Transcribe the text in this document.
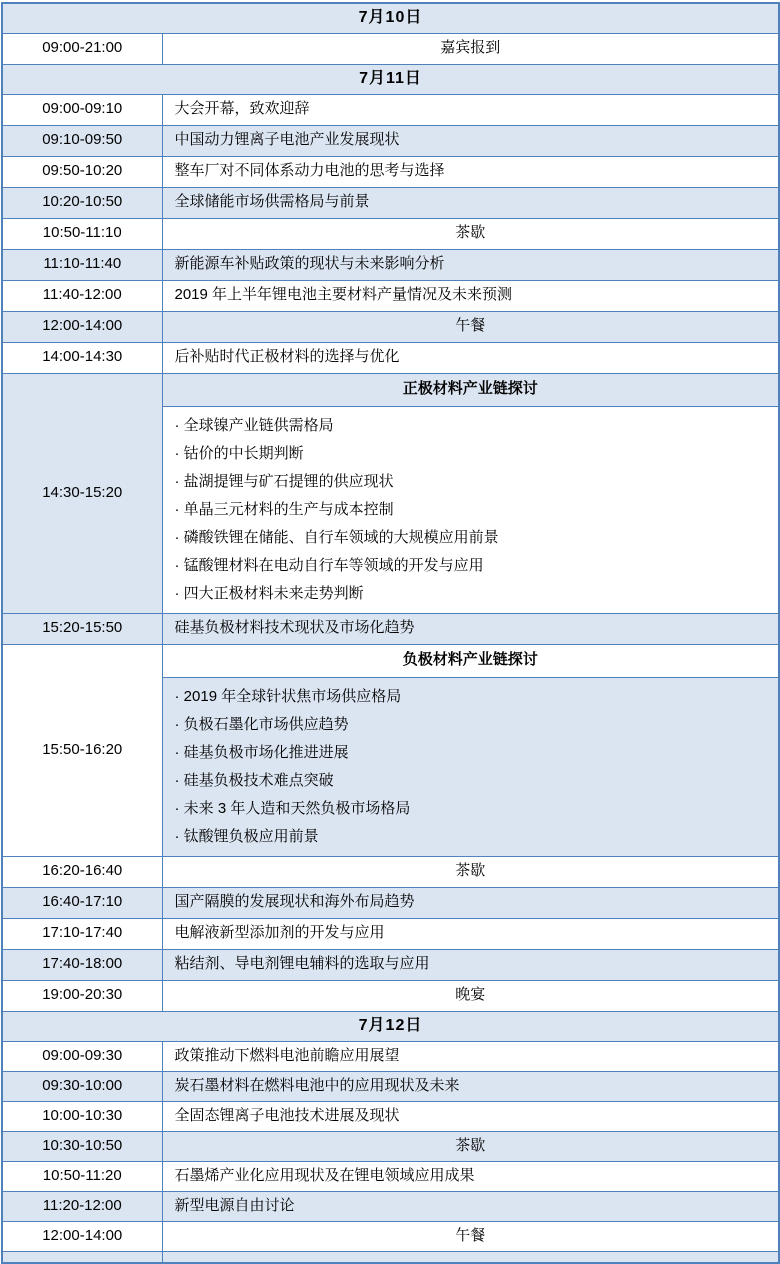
7月10日	
09:00-21:00	嘉宾报到
7月11日	
09:00-09:10	大会开幕，致欢迎辞
09:10-09:50	中国动力锂离子电池产业发展现状
09:50-10:20	整车厂对不同体系动力电池的思考与选择
10:20-10:50	全球储能市场供需格局与前景
10:50-11:10	茶歇
11:10-11:40	新能源车补贴政策的现状与未来影响分析
11:40-12:00	2019 年上半年锂电池主要材料产量情况及未来预测
12:00-14:00	午餐
14:00-14:30	后补贴时代正极材料的选择与优化
14:30-15:20	正极材料产业链探讨

· 全球镍产业链供需格局
· 钴价的中长期判断
· 盐湖提锂与矿石提锂的供应现状
· 单晶三元材料的生产与成本控制
· 磷酸铁锂在储能、自行车领域的大规模应用前景
· 锰酸锂材料在电动自行车等领域的开发与应用
· 四大正极材料未来走势判断

15:20-15:50	硅基负极材料技术现状及市场化趋势
15:50-16:20	负极材料产业链探讨

· 2019 年全球针状焦市场供应格局
· 负极石墨化市场供应趋势
· 硅基负极市场化推进进展
· 硅基负极技术难点突破
· 未来 3 年人造和天然负极市场格局
· 钛酸锂负极应用前景

16:20-16:40	茶歇
16:40-17:10	国产隔膜的发展现状和海外布局趋势
17:10-17:40	电解液新型添加剂的开发与应用
17:40-18:00	粘结剂、导电剂锂电辅料的选取与应用
19:00-20:30	晚宴
7月12日	
09:00-09:30	政策推动下燃料电池前瞻应用展望
09:30-10:00	炭石墨材料在燃料电池中的应用现状及未来
10:00-10:30	全固态锂离子电池技术进展及现状
10:30-10:50	茶歇
10:50-11:20	石墨烯产业化应用现状及在锂电领域应用成果
11:20-12:00	新型电源自由讨论
12:00-14:00	午餐
